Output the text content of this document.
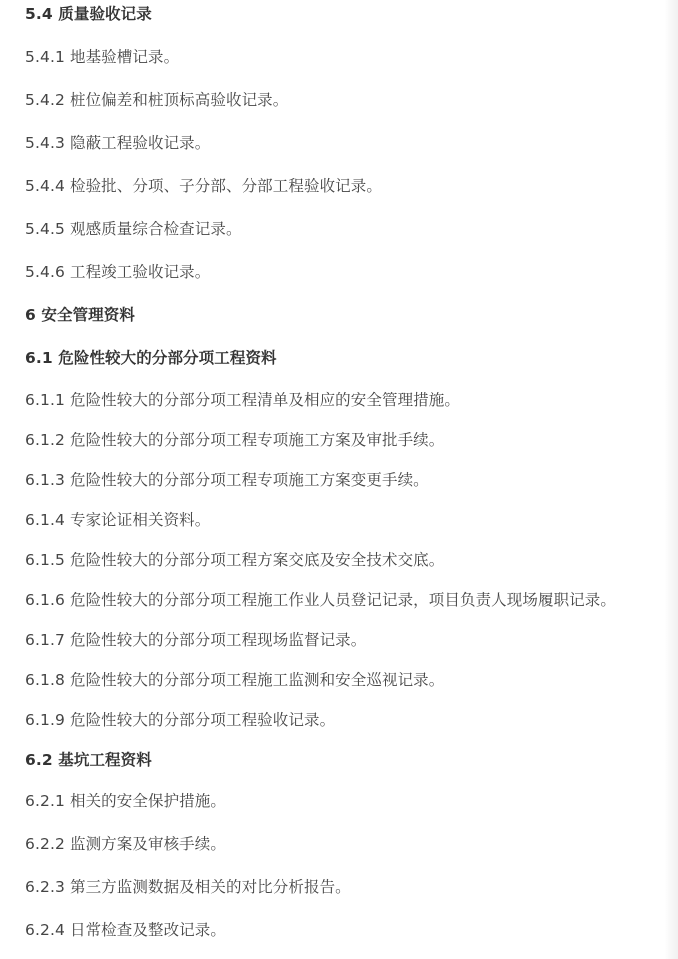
5.4 质量验收记录
5.4.1 地基验槽记录。
5.4.2 桩位偏差和桩顶标高验收记录。
5.4.3 隐蔽工程验收记录。
5.4.4 检验批、分项、子分部、分部工程验收记录。
5.4.5 观感质量综合检查记录。
5.4.6 工程竣工验收记录。
6 安全管理资料
6.1 危险性较大的分部分项工程资料
6.1.1 危险性较大的分部分项工程清单及相应的安全管理措施。
6.1.2 危险性较大的分部分项工程专项施工方案及审批手续。
6.1.3 危险性较大的分部分项工程专项施工方案变更手续。
6.1.4 专家论证相关资料。
6.1.5 危险性较大的分部分项工程方案交底及安全技术交底。
6.1.6 危险性较大的分部分项工程施工作业人员登记记录，项目负责人现场履职记录。
6.1.7 危险性较大的分部分项工程现场监督记录。
6.1.8 危险性较大的分部分项工程施工监测和安全巡视记录。
6.1.9 危险性较大的分部分项工程验收记录。
6.2 基坑工程资料
6.2.1 相关的安全保护措施。
6.2.2 监测方案及审核手续。
6.2.3 第三方监测数据及相关的对比分析报告。
6.2.4 日常检查及整改记录。
